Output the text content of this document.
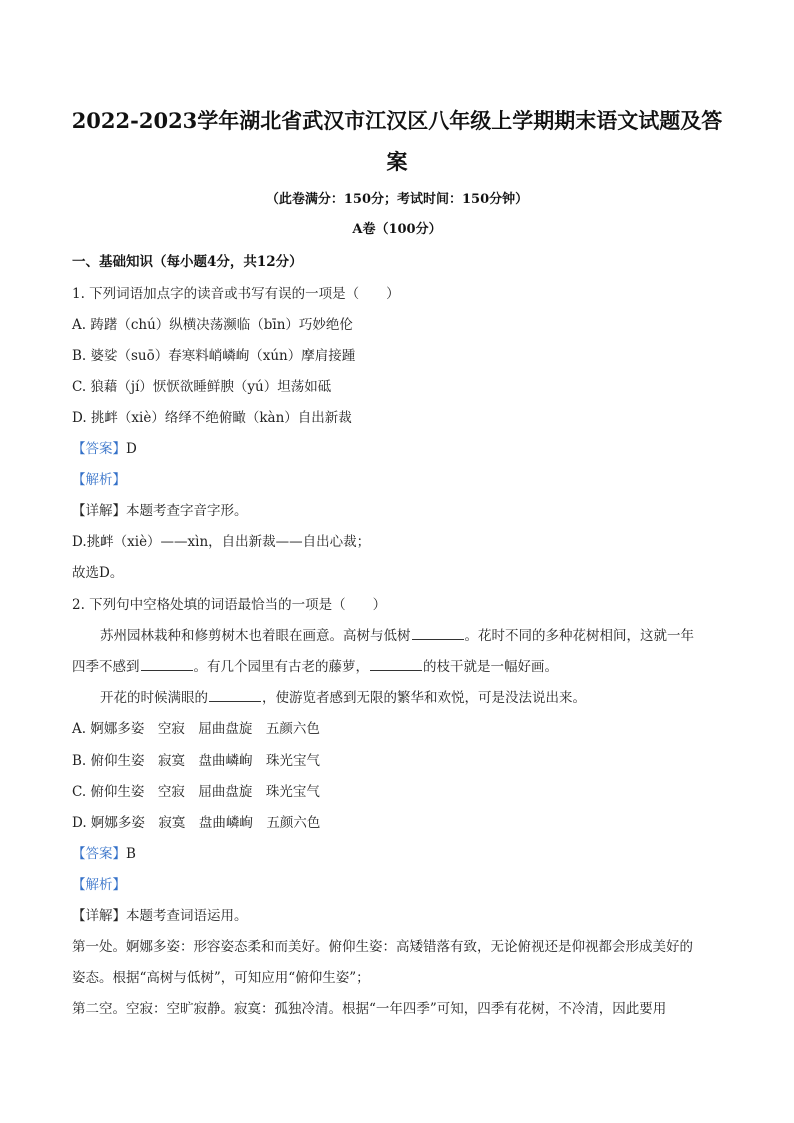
2022-2023学年湖北省武汉市江汉区八年级上学期期末语文试题及答
案
（此卷满分：150分；考试时间：150分钟）
A卷（100分）
一、基础知识（每小题4分，共12分）
1. 下列词语加点字的读音或书写有误的一项是（　　）
A. 踌躇（chú）纵横决荡濒临（bīn）巧妙绝伦
B. 婆娑（suō）春寒料峭嶙峋（xún）摩肩接踵
C. 狼藉（jí）恹恹欲睡鲜腴（yú）坦荡如砥
D. 挑衅（xiè）络绎不绝俯瞰（kàn）自出新裁
【答案】D
【解析】
【详解】本题考查字音字形。
D.挑衅（xiè）——xìn，自出新裁——自出心裁；
故选D。
2. 下列句中空格处填的词语最恰当的一项是（　　）
苏州园林栽种和修剪树木也着眼在画意。高树与低树	。花时不同的多种花树相间，这就一年
四季不感到	。有几个园里有古老的藤萝，	的枝干就是一幅好画。
开花的时候满眼的	，使游览者感到无限的繁华和欢悦，可是没法说出来。
A. 婀娜多姿　空寂　屈曲盘旋　五颜六色
B. 俯仰生姿　寂寞　盘曲嶙峋　珠光宝气
C. 俯仰生姿　空寂　屈曲盘旋　珠光宝气
D. 婀娜多姿　寂寞　盘曲嶙峋　五颜六色
【答案】B
【解析】
【详解】本题考查词语运用。
第一处。婀娜多姿：形容姿态柔和而美好。俯仰生姿：高矮错落有致，无论俯视还是仰视都会形成美好的
姿态。根据“高树与低树”，可知应用“俯仰生姿”；
第二空。空寂：空旷寂静。寂寞：孤独冷清。根据“一年四季”可知，四季有花树，不冷清，因此要用
